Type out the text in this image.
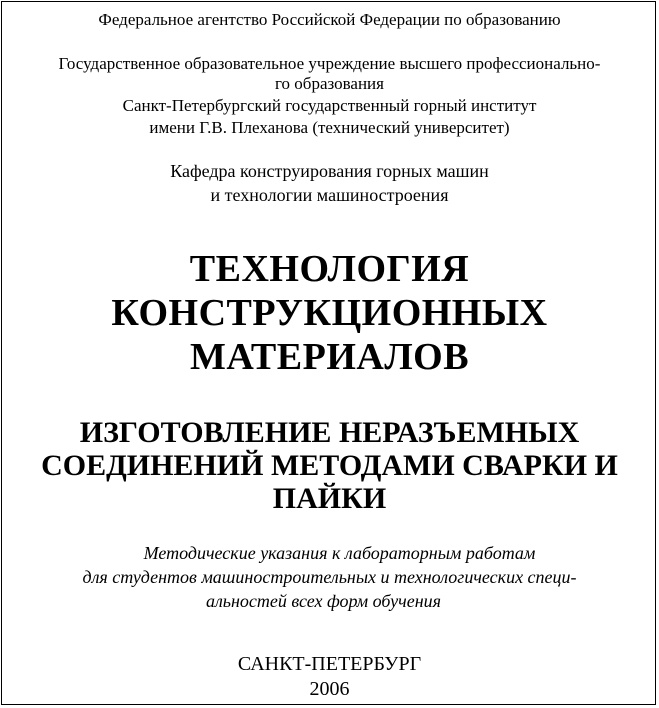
Федеральное агентство Российской Федерации по образованию
Государственное образовательное учреждение высшего профессионально-
го образования
Санкт-Петербургский государственный горный институт
имени Г.В. Плеханова (технический университет)
Кафедра конструирования горных машин
и технологии машиностроения
ТЕХНОЛОГИЯ
КОНСТРУКЦИОННЫХ
МАТЕРИАЛОВ
ИЗГОТОВЛЕНИЕ НЕРАЗЪЕМНЫХ
СОЕДИНЕНИЙ МЕТОДАМИ СВАРКИ И
ПАЙКИ
Методические указания к лабораторным работам
для студентов машиностроительных и технологических специ-
альностей всех форм обучения
САНКТ-ПЕТЕРБУРГ
2006
